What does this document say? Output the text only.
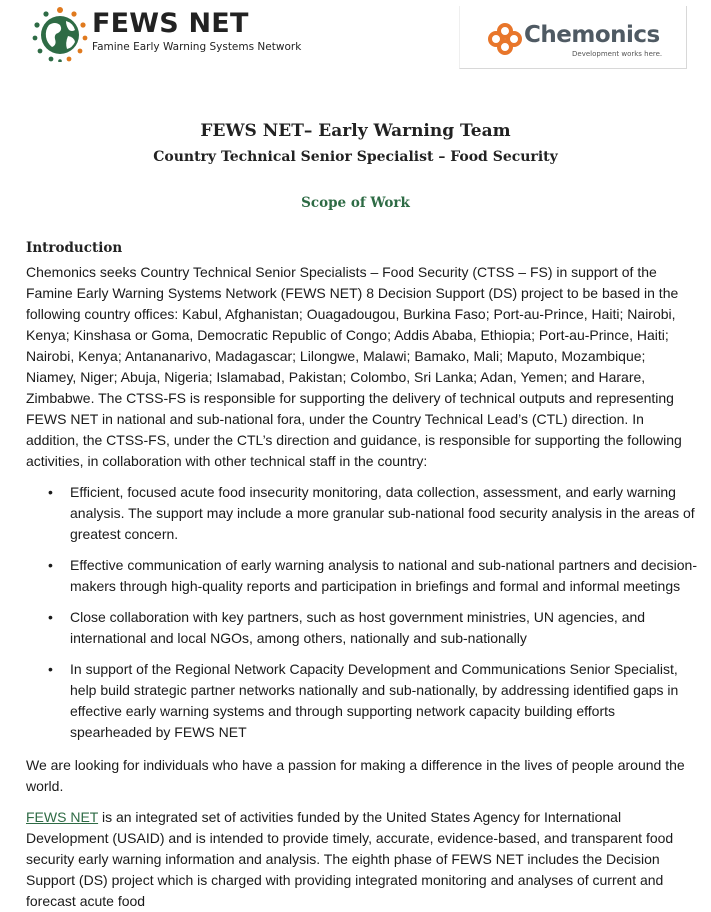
FEWS NET
Famine Early Warning Systems Network	Chemonics
Development works here.
FEWS NET– Early Warning Team
Country Technical Senior Specialist – Food Security
Scope of Work
Introduction

Chemonics seeks Country Technical Senior Specialists – Food Security (CTSS – FS) in support of the Famine Early Warning Systems Network (FEWS NET) 8 Decision Support (DS) project to be based in the following country offices: Kabul, Afghanistan; Ouagadougou, Burkina Faso; Port-au-Prince, Haiti; Nairobi, Kenya; Kinshasa or Goma, Democratic Republic of Congo; Addis Ababa, Ethiopia; Port-au-Prince, Haiti; Nairobi, Kenya; Antananarivo, Madagascar; Lilongwe, Malawi; Bamako, Mali; Maputo, Mozambique; Niamey, Niger; Abuja, Nigeria; Islamabad, Pakistan; Colombo, Sri Lanka; Adan, Yemen; and Harare, Zimbabwe. The CTSS-FS is responsible for supporting the delivery of technical outputs and representing FEWS NET in national and sub-national fora, under the Country Technical Lead’s (CTL) direction. In addition, the CTSS-FS, under the CTL’s direction and guidance, is responsible for supporting the following activities, in collaboration with other technical staff in the country:

• Efficient, focused acute food insecurity monitoring, data collection, assessment, and early warning analysis. The support may include a more granular sub-national food security analysis in the areas of greatest concern.
• Effective communication of early warning analysis to national and sub-national partners and decision-makers through high-quality reports and participation in briefings and formal and informal meetings
• Close collaboration with key partners, such as host government ministries, UN agencies, and international and local NGOs, among others, nationally and sub-nationally
• In support of the Regional Network Capacity Development and Communications Senior Specialist, help build strategic partner networks nationally and sub-nationally, by addressing identified gaps in effective early warning systems and through supporting network capacity building efforts spearheaded by FEWS NET

We are looking for individuals who have a passion for making a difference in the lives of people around the world.

FEWS NET is an integrated set of activities funded by the United States Agency for International Development (USAID) and is intended to provide timely, accurate, evidence-based, and transparent food security early warning information and analysis. The eighth phase of FEWS NET includes the Decision Support (DS) project which is charged with providing integrated monitoring and analyses of current and forecast acute food
